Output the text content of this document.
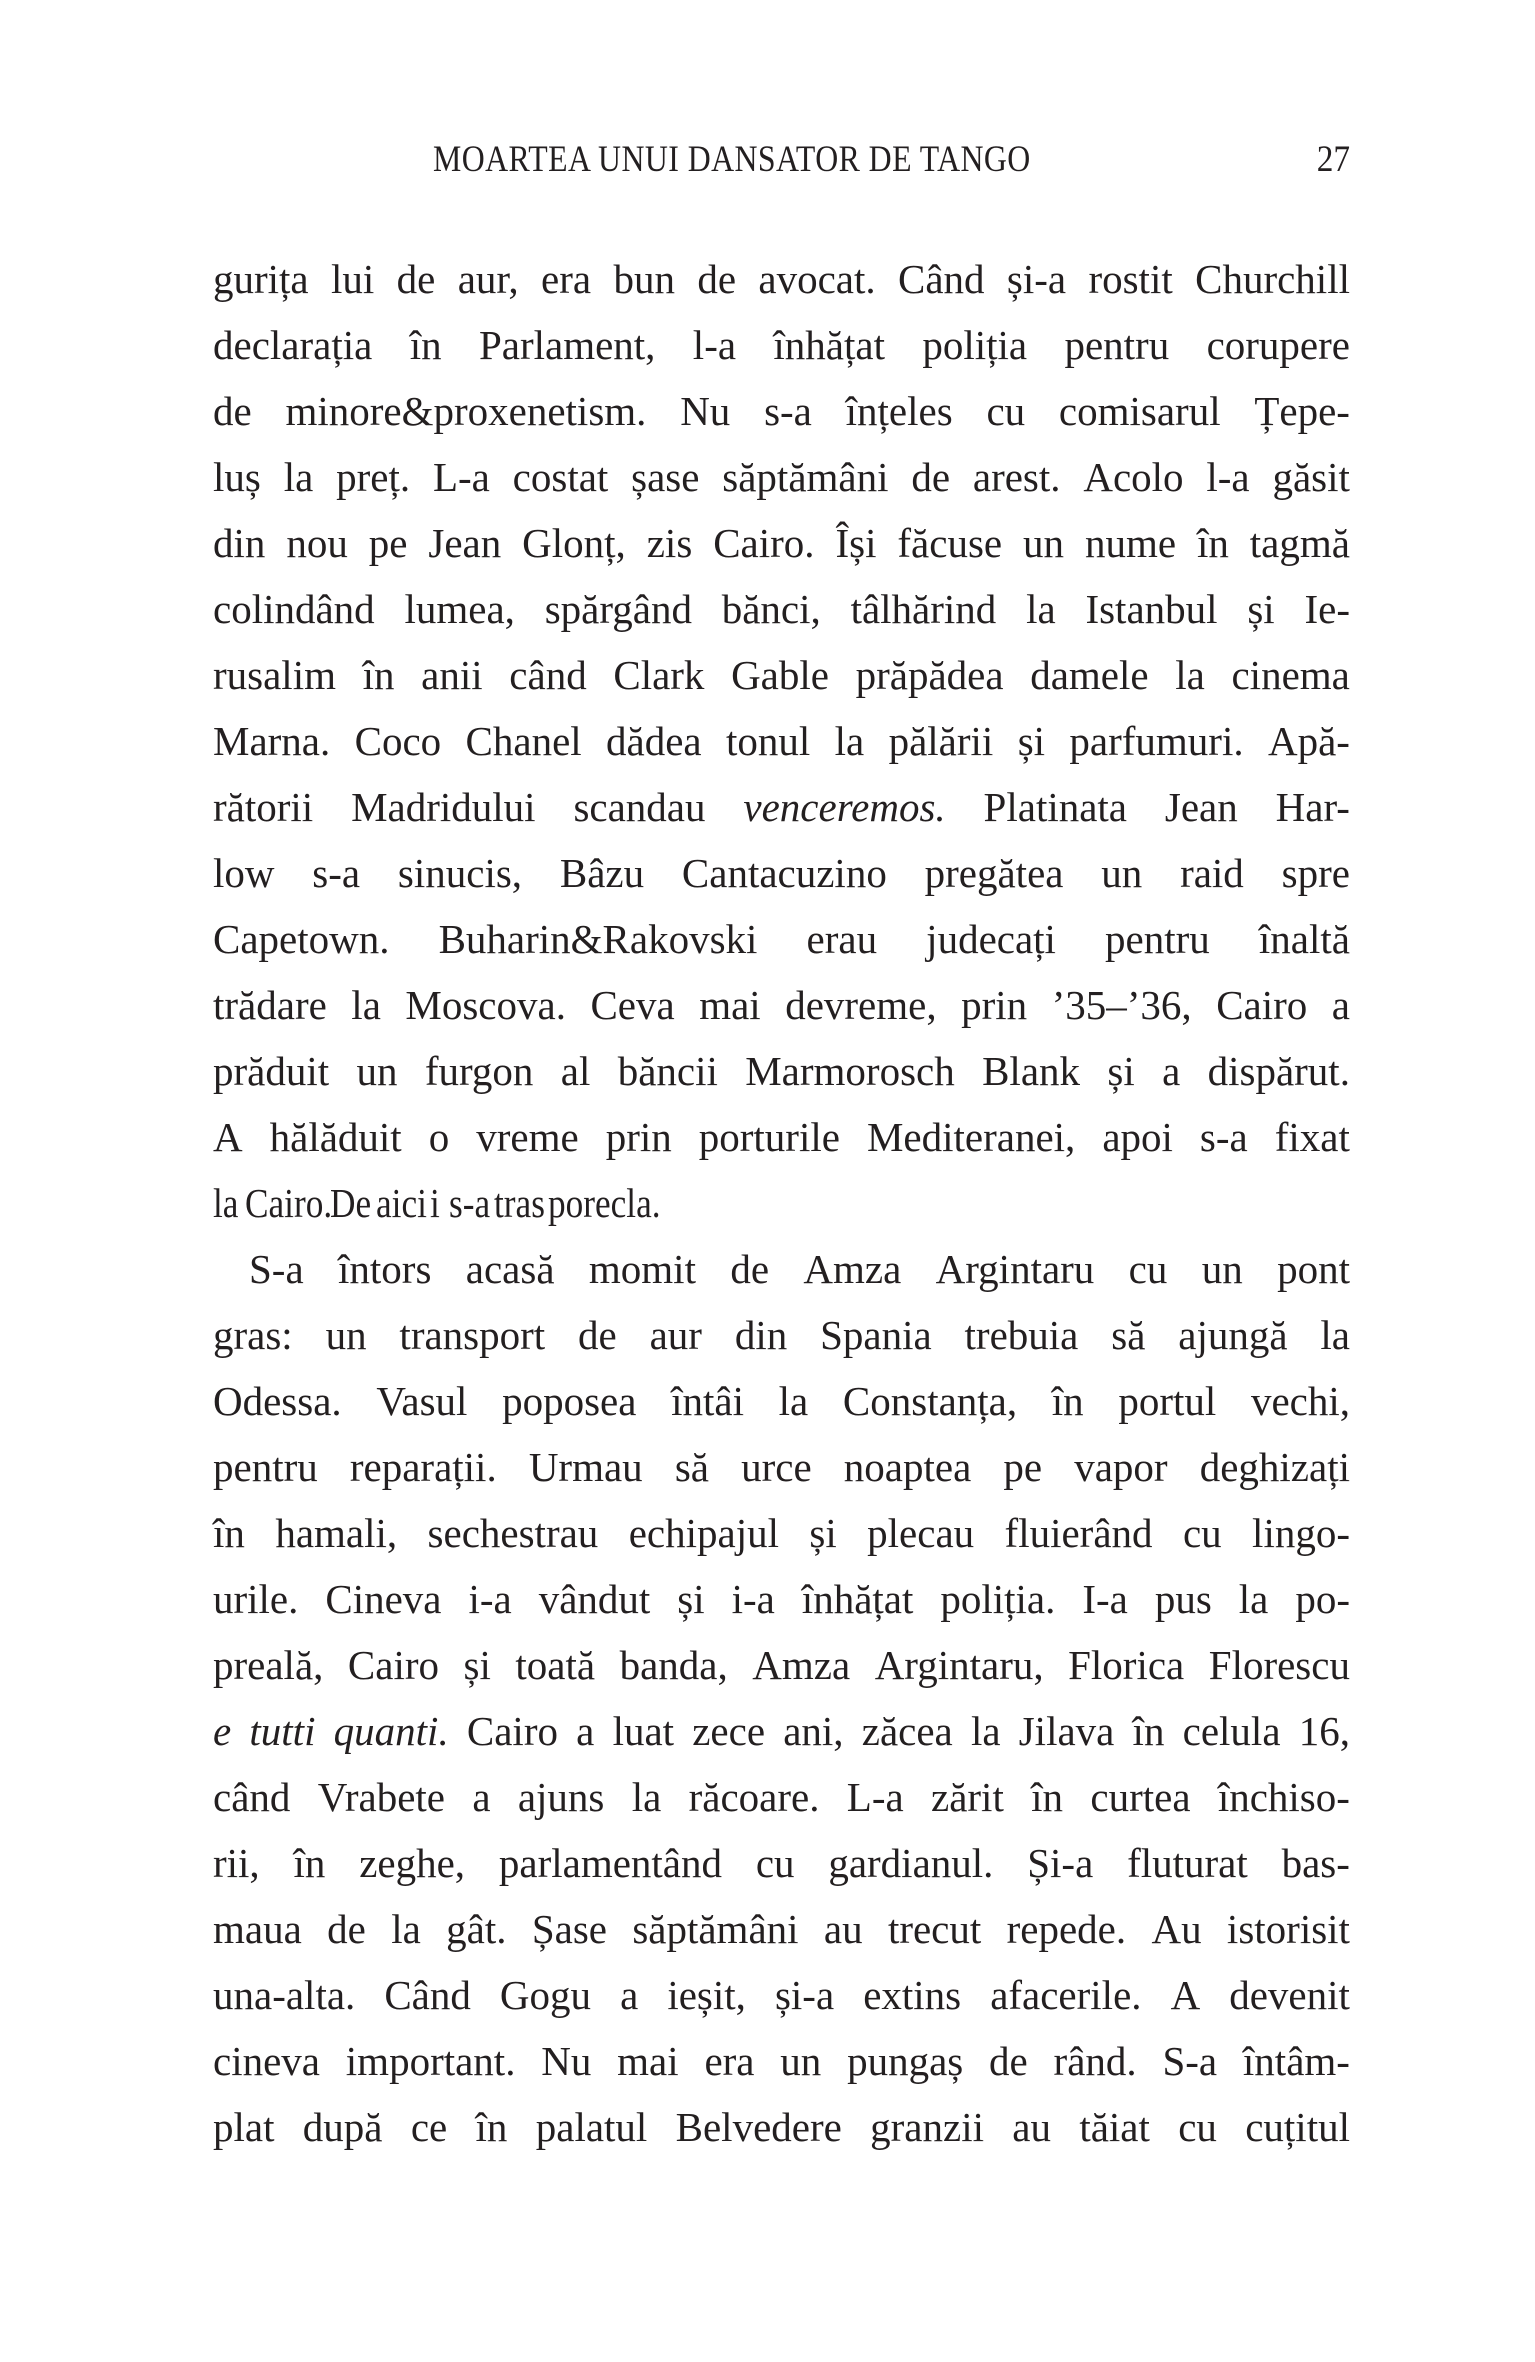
MOARTEA UNUI DANSATOR DE TANGO	27
gurița lui de aur, era bun de avocat. Când și-a rostit Churchill
declarația în Parlament, l-a înhățat poliția pentru corupere
de minore&proxenetism. Nu s-a înțeles cu comisarul Țepe-
luș la preț. L-a costat șase săptămâni de arest. Acolo l-a găsit
din nou pe Jean Glonț, zis Cairo. Își făcuse un nume în tagmă
colindând lumea, spărgând bănci, tâlhărind la Istanbul și Ie-
rusalim în anii când Clark Gable prăpădea damele la cinema
Marna. Coco Chanel dădea tonul la pălării și parfumuri. Apă-
rătorii Madridului scandau venceremos. Platinata Jean Har-
low s-a sinucis, Bâzu Cantacuzino pregătea un raid spre
Capetown. Buharin&Rakovski erau judecați pentru înaltă
trădare la Moscova. Ceva mai devreme, prin ’35–’36, Cairo a
prăduit un furgon al băncii Marmorosch Blank și a dispărut.
A hălăduit o vreme prin porturile Mediteranei, apoi s-a fixat
la Cairo.
De aici i s-a tras porecla.
S-a întors acasă momit de Amza Argintaru cu un pont
gras: un transport de aur din Spania trebuia să ajungă la
Odessa. Vasul poposea întâi la Constanța, în portul vechi,
pentru reparații. Urmau să urce noaptea pe vapor deghizați
în hamali, sechestrau echipajul și plecau fluierând cu lingo-
urile. Cineva i-a vândut și i-a înhățat poliția. I-a pus la po-
preală, Cairo și toată banda, Amza Argintaru, Florica Florescu
e tutti quanti. Cairo a luat zece ani, zăcea la Jilava în celula 16,
când Vrabete a ajuns la răcoare. L-a zărit în curtea închiso-
rii, în zeghe, parlamentând cu gardianul. Și-a fluturat bas-
maua de la gât. Șase săptămâni au trecut repede. Au istorisit
una-alta. Când Gogu a ieșit, și-a extins afacerile. A devenit
cineva important. Nu mai era un pungaș de rând. S-a întâm-
plat după ce în palatul Belvedere granzii au tăiat cu cuțitul
